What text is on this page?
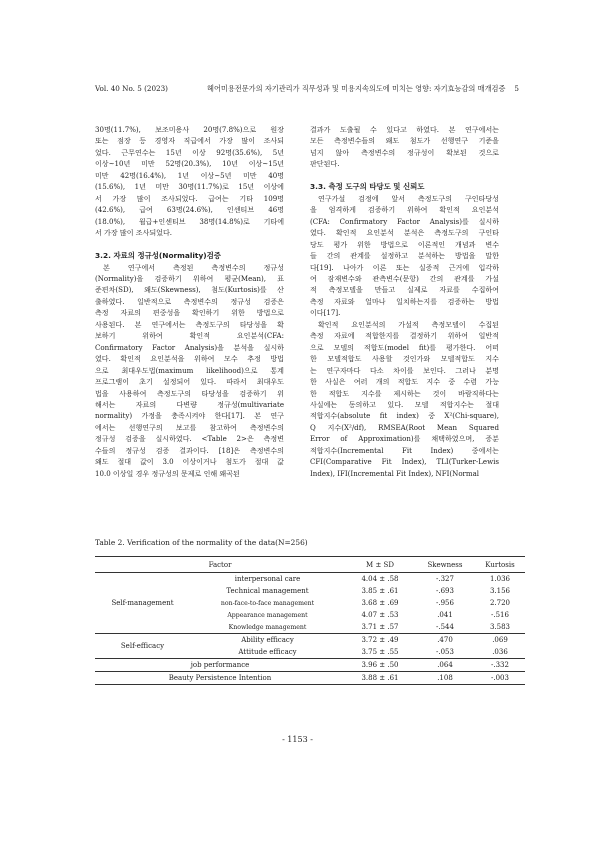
Vol. 40 No. 5 (2023)	헤어미용전문가의 자기관리가 직무성과 및 미용지속의도에 미치는 영향: 자기효능감의 매개검증 5
30명(11.7%), 보조미용사 20명(7.8%)으로 원장
또는 점장 등 경영자 직급에서 가장 많이 조사되
었다. 근무연수는 15년 이상 92명(35.6%), 5년
이상~10년 미만 52명(20.3%), 10년 이상~15년
미만 42명(16.4%), 1년 이상~5년 미만 40명
(15.6%), 1년 미만 30명(11.7%)로 15년 이상에
서 가장 많이 조사되었다. 급여는 기타 109명
(42.6%), 급여 63명(24.6%), 인센티브 46명
(18.0%), 월급+인센티브 38명(14.8%)로 기타에
서 가장 많이 조사되었다.
3.2. 자료의 정규성(Normality)검증
본 연구에서 측정된 측정변수의 정규성
(Normality)을 검증하기 위하여 평균(Mean), 표
준편차(SD), 왜도(Skewness), 첨도(Kurtosis)를 산
출하였다. 일반적으로 측정변수의 정규성 검증은
측정 자료의 편중성을 확인하기 위한 방법으로
사용된다. 본 연구에서는 측정도구의 타당성을 확
보하기 위하여 확인적 요인분석(CFA:
Confirmatory Factor Analysis)을 분석을 실시하
였다. 확인적 요인분석을 위하여 모수 추정 방법
으로 최대우도법(maximum likelihood)으로 통계
프로그램이 초기 설정되어 있다. 따라서 최대우도
법을 사용하여 측정도구의 타당성을 검증하기 위
해서는 자료의 다변량 정규성(multivariate
normality) 가정을 충족시켜야 한다[17]. 본 연구
에서는 선행연구의 보고를 참고하여 측정변수의
정규성 검증을 실시하였다. <Table 2>은 측정변
수들의 정규성 검증 결과이다. [18]은 측정변수의
왜도 절대 값이 3.0 이상이거나 첨도가 절대 값
10.0 이상일 경우 정규성의 문제로 인해 왜곡된
결과가 도출될 수 있다고 하였다. 본 연구에서는
모든 측정변수들의 왜도 첨도가 선행연구 기준을
넘지 않아 측정변수의 정규성이 확보된 것으로
판단된다.
3.3. 측정 도구의 타당도 및 신뢰도
연구가설 검정에 앞서 측정도구의 구인타당성
을 엄격하게 검증하기 위하여 확인적 요인분석
(CFA: Confirmatory Factor Analysis)를 실시하
였다. 확인적 요인분석 분석은 측정도구의 구인타
당도 평가 위한 방법으로 이론적인 개념과 변수
들 간의 관계를 설정하고 분석하는 방법을 말한
다[19]. 나아가 이론 또는 실증적 근거에 입각하
여 잠재변수와 관측변수(문항) 간의 관계를 가설
적 측정모델을 만들고 실제로 자료를 수집하여
측정 자료와 얼마나 일치하는지를 검증하는 방법
이다[17].
확인적 요인분석의 가설적 측정모델이 수집된
측정 자료에 적합한지를 결정하기 위하여 일반적
으로 모델의 적합도(model fit)를 평가한다. 어떠
한 모델적합도 사용할 것인가와 모델적합도 지수
는 연구자마다 다소 차이를 보인다. 그러나 분명
한 사실은 여러 개의 적합도 지수 중 수렴 가능
한 적합도 지수를 제시하는 것이 바람직하다는
사실에는 동의하고 있다. 모델 적합지수는 절대
적합지수(absolute fit index) 중 X²(Chi-square),
Q 지수(X²/df), RMSEA(Root Mean Squared
Error of Approximation)를 채택하였으며, 증분
적합지수(Incremental Fit Index) 중에서는
CFI(Comparative Fit Index), TLI(Turker-Lewis
Index), IFI(Incremental Fit Index), NFI(Normal
Table 2. Verification of the normality of the data(N=256)
Factor		M ± SD	Skewness	Kurtosis
Self-management	interpersonal care	4.04 ± .58	-.327	1.036
	Technical management	3.85 ± .61	-.693	3.156
	non-face-to-face management	3.68 ± .69	-.956	2.720
	Appearance management	4.07 ± .53	.041	-.516
	Knowledge management	3.71 ± .57	-.544	3.583
Self-efficacy	Ability efficacy	3.72 ± .49	.470	.069
	Attitude efficacy	3.75 ± .55	-.053	.036
job performance		3.96 ± .50	.064	-.332
Beauty Persistence Intention		3.88 ± .61	.108	-.003
- 1153 -
